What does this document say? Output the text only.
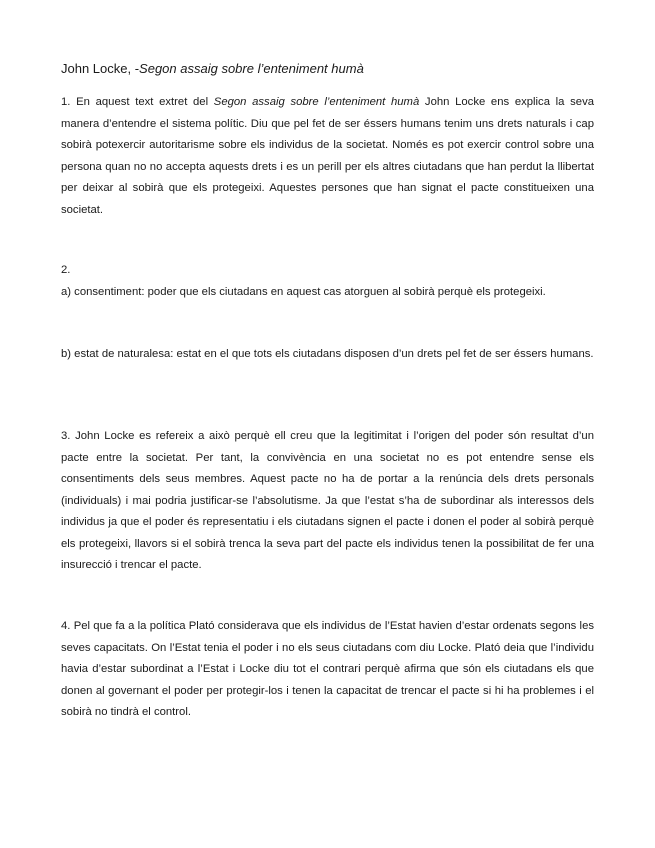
John Locke, -Segon assaig sobre l’enteniment humà

1. En aquest text extret del Segon assaig sobre l’enteniment humà John Locke ens explica la seva manera d’entendre el sistema polític. Diu que pel fet de ser éssers humans tenim uns drets naturals i cap sobirà potexercir autoritarisme sobre els individus de la societat. Només es pot exercir control sobre una persona quan no no accepta aquests drets i es un perill per els altres ciutadans que han perdut la llibertat per deixar al sobirà que els protegeixi. Aquestes persones que han signat el pacte constitueixen una societat.

2.

a) consentiment: poder que els ciutadans en aquest cas atorguen al sobirà perquè els protegeixi.

b) estat de naturalesa: estat en el que tots els ciutadans disposen d’un drets pel fet de ser éssers humans.

3. John Locke es refereix a això perquè ell creu que la legitimitat i l’origen del poder són resultat d’un pacte entre la societat. Per tant, la convivència en una societat no es pot entendre sense els consentiments dels seus membres. Aquest pacte no ha de portar a la renúncia dels drets personals (individuals) i mai podria justificar-se l’absolutisme. Ja que l’estat s’ha de subordinar als interessos dels individus ja que el poder és representatiu i els ciutadans signen el pacte i donen el poder al sobirà perquè els protegeixi, llavors si el sobirà trenca la seva part del pacte els individus tenen la possibilitat de fer una insurecció i trencar el pacte.

4. Pel que fa a la política Plató considerava que els individus de l’Estat havien d’estar ordenats segons les seves capacitats. On l’Estat tenia el poder i no els seus ciutadans com diu Locke. Plató deia que l’individu havia d’estar subordinat a l’Estat i Locke diu tot el contrari perquè afirma que són els ciutadans els que donen al governant el poder per protegir-los i tenen la capacitat de trencar el pacte si hi ha problemes i el sobirà no tindrà el control.
